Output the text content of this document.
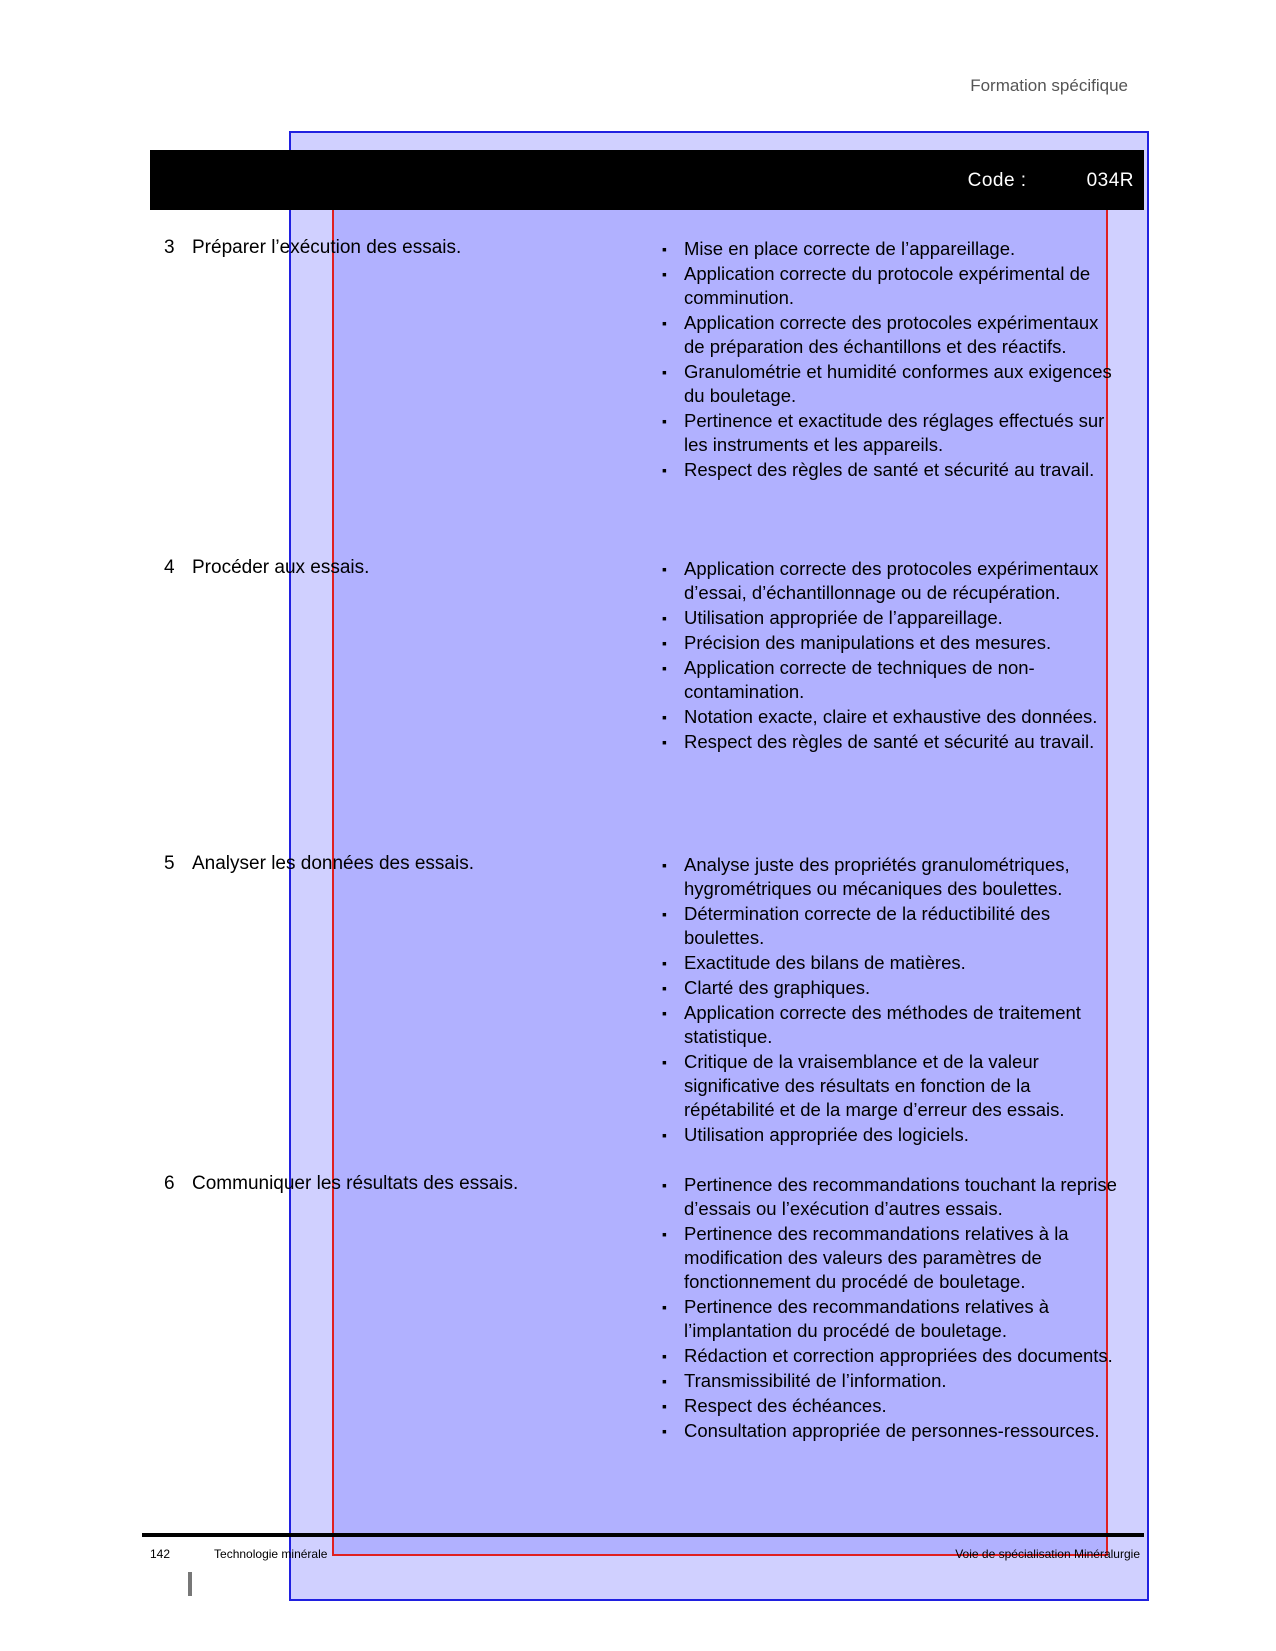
Formation spécifique
Code :	034R
3 Préparer l’exécution des essais.	▪ Mise en place correcte de l’appareillage.
▪ Application correcte du protocole expérimental de comminution.
▪ Application correcte des protocoles expérimentaux de préparation des échantillons et des réactifs.
▪ Granulométrie et humidité conformes aux exigences du bouletage.
▪ Pertinence et exactitude des réglages effectués sur les instruments et les appareils.
▪ Respect des règles de santé et sécurité au travail.
4 Procéder aux essais.	▪ Application correcte des protocoles expérimentaux d’essai, d’échantillonnage ou de récupération.
▪ Utilisation appropriée de l’appareillage.
▪ Précision des manipulations et des mesures.
▪ Application correcte de techniques de non-contamination.
▪ Notation exacte, claire et exhaustive des données.
▪ Respect des règles de santé et sécurité au travail.
5 Analyser les données des essais.	▪ Analyse juste des propriétés granulométriques, hygrométriques ou mécaniques des boulettes.
▪ Détermination correcte de la réductibilité des boulettes.
▪ Exactitude des bilans de matières.
▪ Clarté des graphiques.
▪ Application correcte des méthodes de traitement statistique.
▪ Critique de la vraisemblance et de la valeur significative des résultats en fonction de la répétabilité et de la marge d’erreur des essais.
▪ Utilisation appropriée des logiciels.
6 Communiquer les résultats des essais.	▪ Pertinence des recommandations touchant la reprise d’essais ou l’exécution d’autres essais.
▪ Pertinence des recommandations relatives à la modification des valeurs des paramètres de fonctionnement du procédé de bouletage.
▪ Pertinence des recommandations relatives à l’implantation du procédé de bouletage.
▪ Rédaction et correction appropriées des documents.
▪ Transmissibilité de l’information.
▪ Respect des échéances.
▪ Consultation appropriée de personnes-ressources.
142	Technologie minérale	Voie de spécialisation Minéralurgie
